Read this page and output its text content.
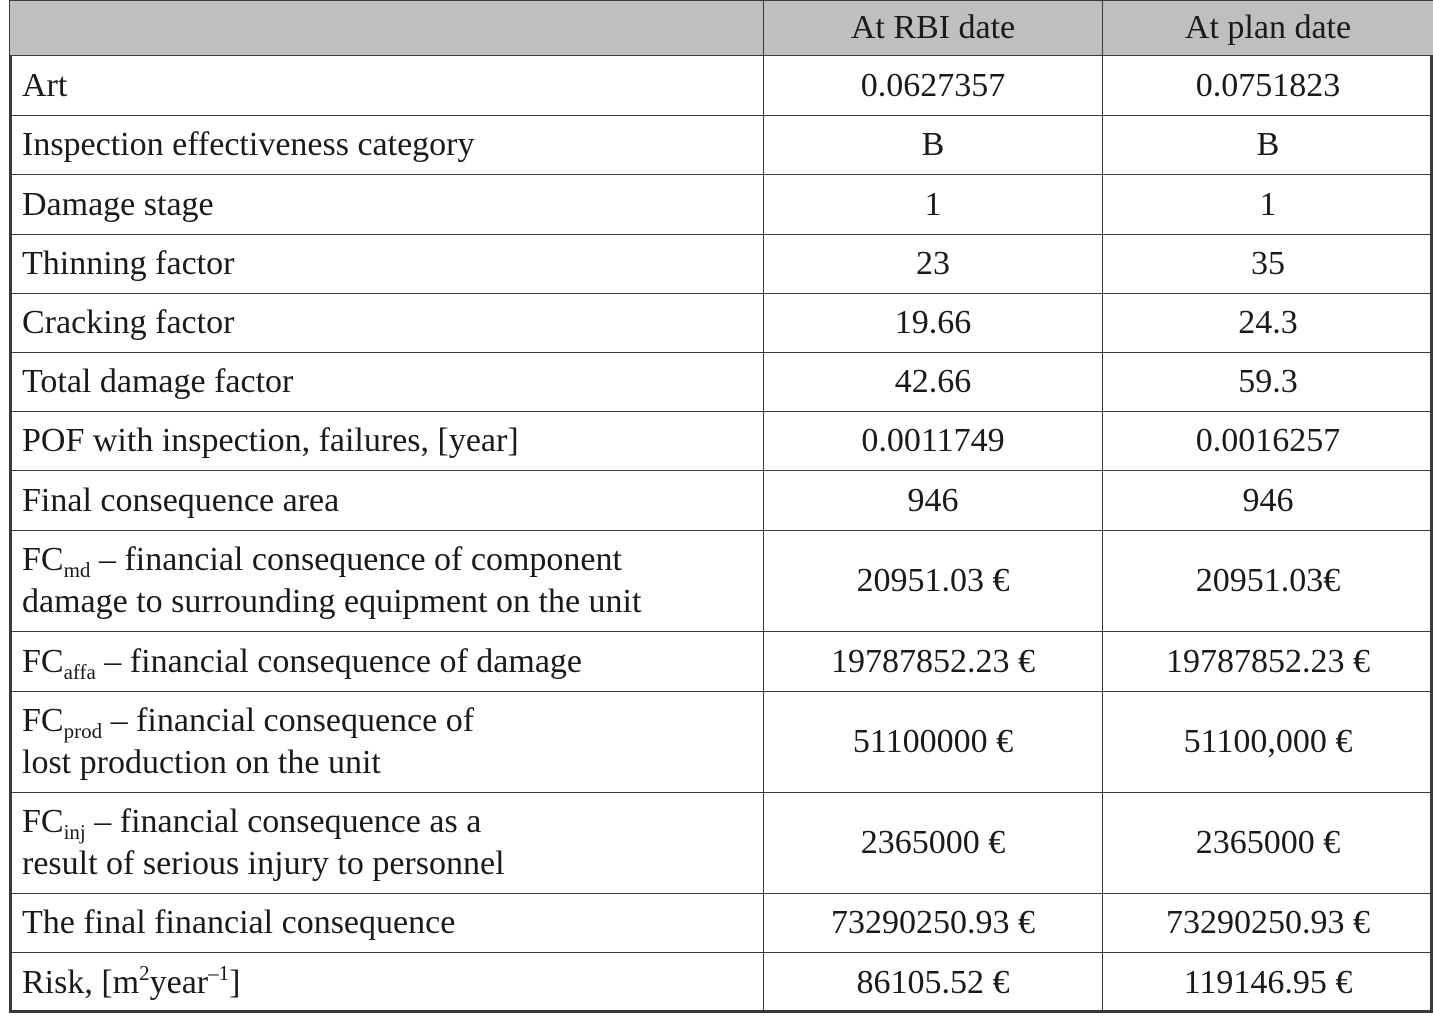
	At RBI date	At plan date
Art	0.0627357	0.0751823
Inspection effectiveness category	B	B
Damage stage	1	1
Thinning factor	23	35
Cracking factor	19.66	24.3
Total damage factor	42.66	59.3
POF with inspection, failures, [year]	0.0011749	0.0016257
Final consequence area	946	946
$FC_{md}$ – financial consequence of component
damage to surrounding equipment on the unit	20951.03 €	20951.03€
$FC_{affa}$ – financial consequence of damage	19787852.23 €	19787852.23 €
$FC_{prod}$ – financial consequence of
lost production on the unit	51100000 €	51100,000 €
$FC_{inj}$ – financial consequence as a
result of serious injury to personnel	2365000 €	2365000 €
The final financial consequence	73290250.93 €	73290250.93 €
Risk, $[m^2year^{-1}]$	86105.52 €	119146.95 €
